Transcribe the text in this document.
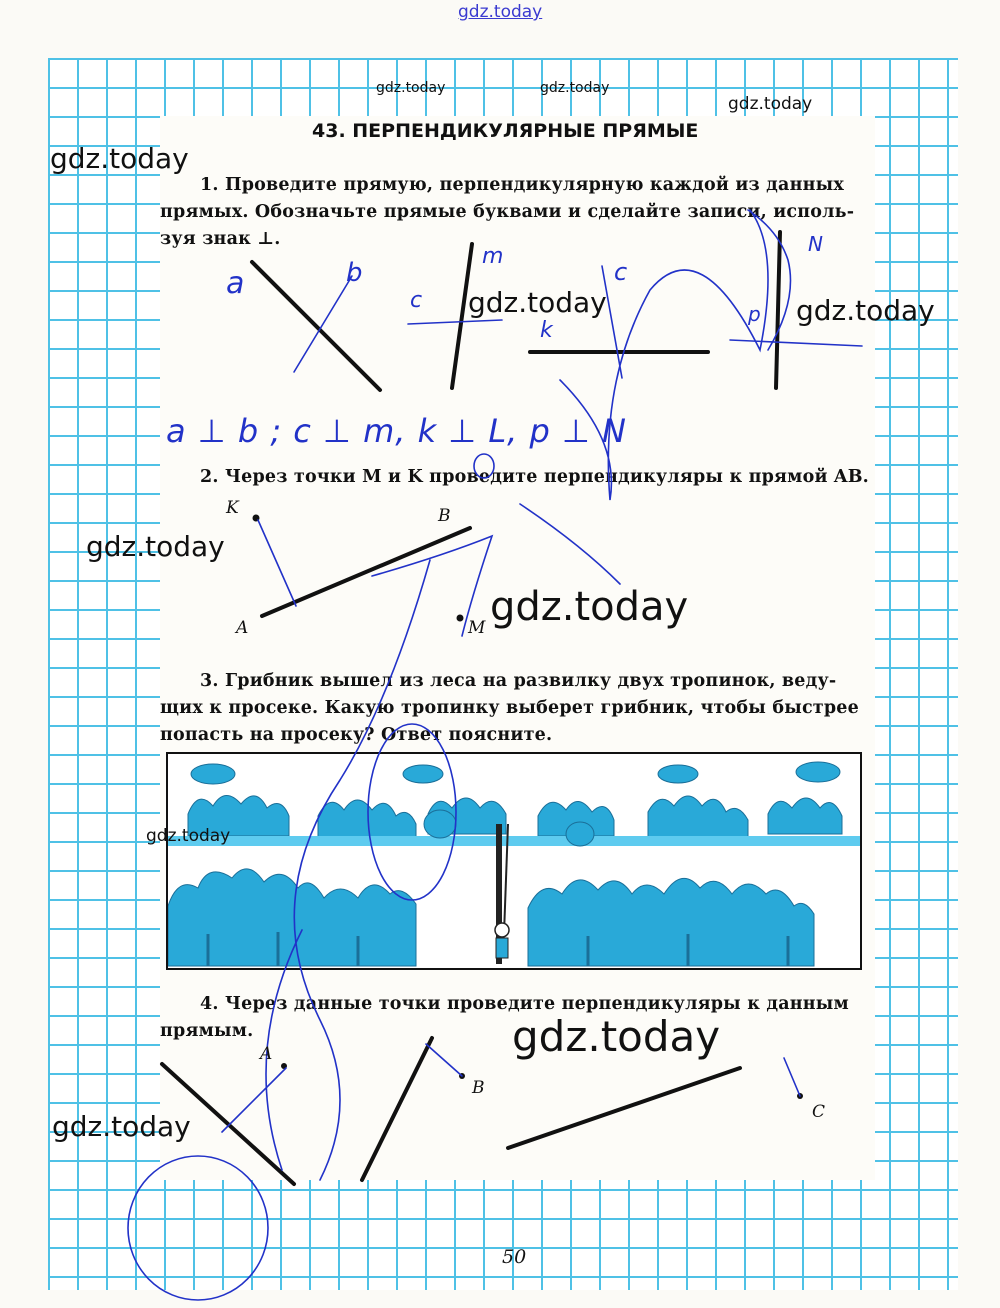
gdz.today
43. ПЕРПЕНДИКУЛЯРНЫЕ ПРЯМЫЕ
1. Проведите прямую, перпендикулярную каждой из данных
прямых. Обозначьте прямые буквами и сделайте записи, исполь-
зуя знак ⊥.
2. Через точки M и K проведите перпендикуляры к прямой AB.
3. Грибник вышел из леса на развилку двух тропинок, веду-
щих к просеке. Какую тропинку выберет грибник, чтобы быстрее
попасть на просеку? Ответ поясните.
4. Через данные точки проведите перпендикуляры к данным
прямым.
K	B
A	M
A
B
C
a	b
c
m
k
c
p
N
a ⊥ b ; c ⊥ m, k ⊥ L, p ⊥ N
gdz.today	gdz.today
gdz.today
gdz.today
gdz.today	gdz.today
gdz.today
gdz.today
gdz.today
gdz.today
gdz.today
50
